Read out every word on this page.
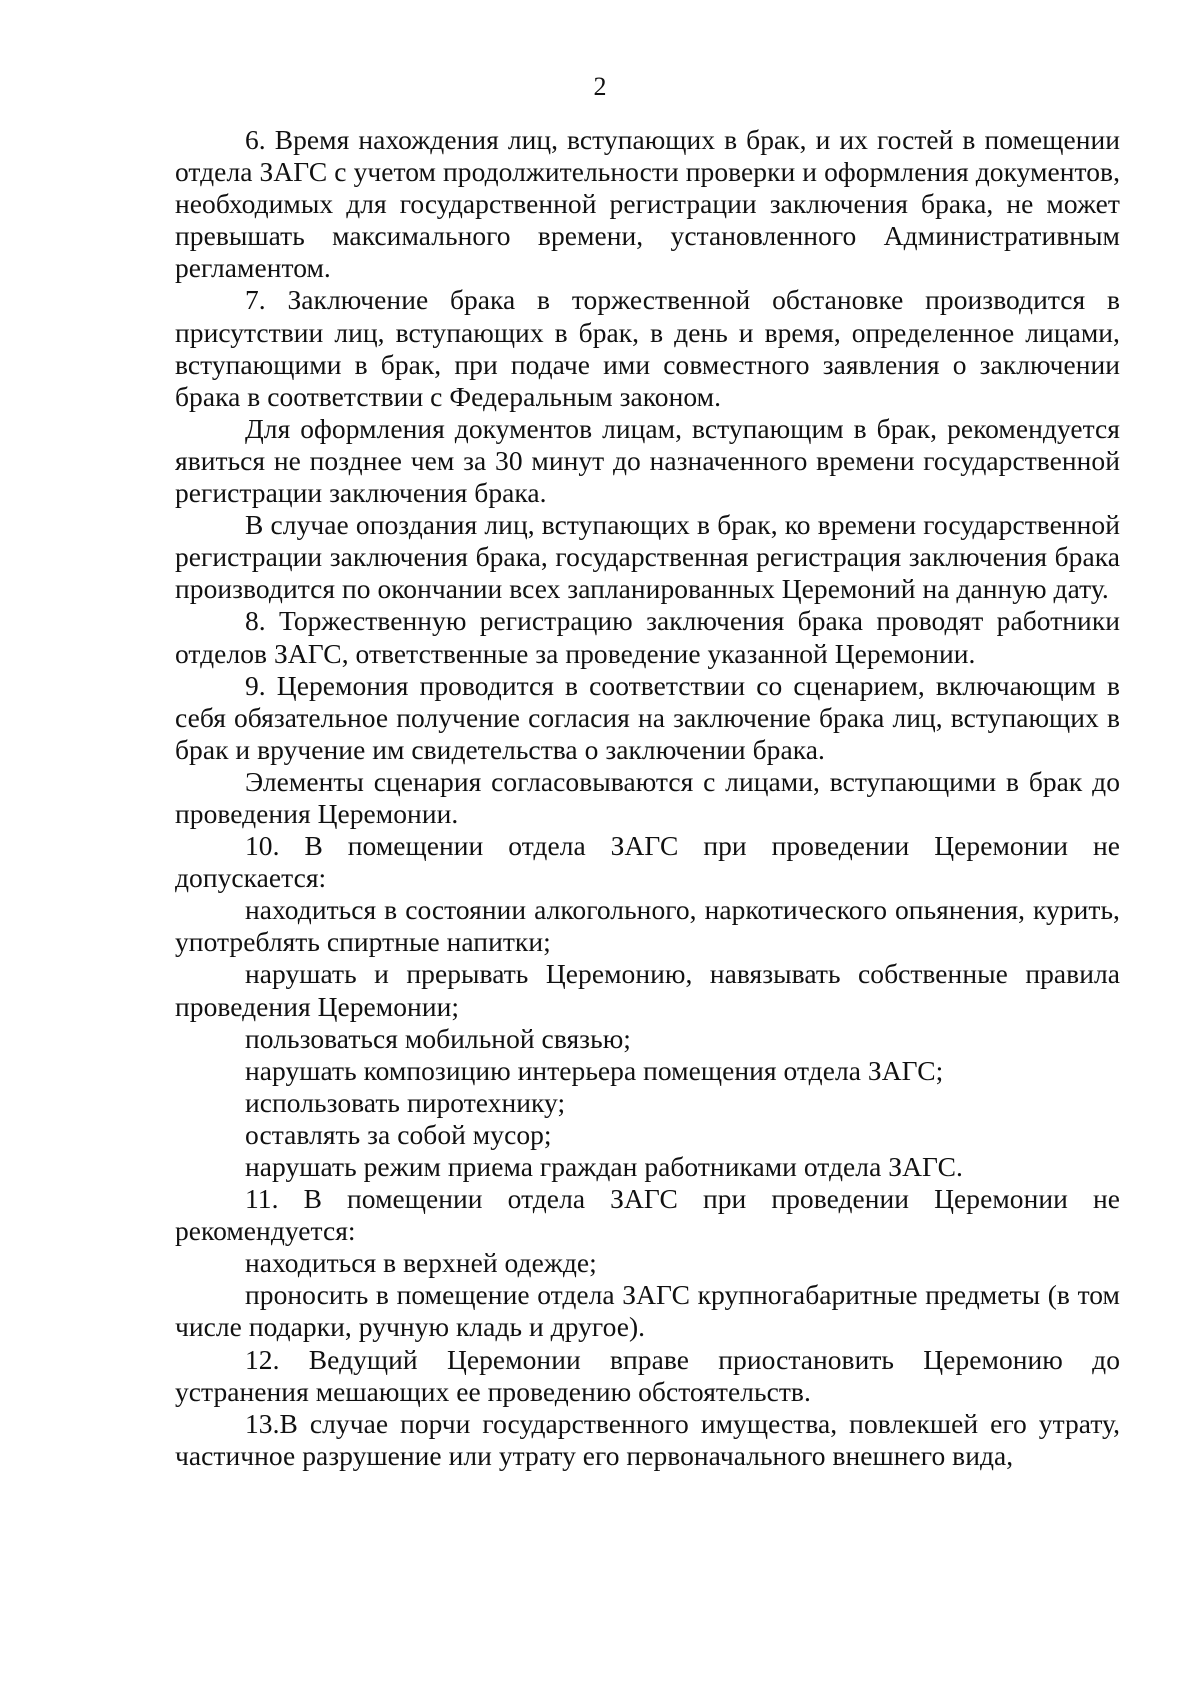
2

6. Время нахождения лиц, вступающих в брак, и их гостей в помещении отдела ЗАГС с учетом продолжительности проверки и оформления документов, необходимых для государственной регистрации заключения брака, не может превышать максимального времени, установленного Административным регламентом.

7. Заключение брака в торжественной обстановке производится в присутствии лиц, вступающих в брак, в день и время, определенное лицами, вступающими в брак, при подаче ими совместного заявления о заключении брака в соответствии с Федеральным законом.

Для оформления документов лицам, вступающим в брак, рекомендуется явиться не позднее чем за 30 минут до назначенного времени государственной регистрации заключения брака.

В случае опоздания лиц, вступающих в брак, ко времени государственной регистрации заключения брака, государственная регистрация заключения брака производится по окончании всех запланированных Церемоний на данную дату.

8. Торжественную регистрацию заключения брака проводят работники отделов ЗАГС, ответственные за проведение указанной Церемонии.

9. Церемония проводится в соответствии со сценарием, включающим в себя обязательное получение согласия на заключение брака лиц, вступающих в брак и вручение им свидетельства о заключении брака.

Элементы сценария согласовываются с лицами, вступающими в брак до проведения Церемонии.

10. В помещении отдела ЗАГС при проведении Церемонии не допускается:

находиться в состоянии алкогольного, наркотического опьянения, курить, употреблять спиртные напитки;

нарушать и прерывать Церемонию, навязывать собственные правила проведения Церемонии;

пользоваться мобильной связью;

нарушать композицию интерьера помещения отдела ЗАГС;

использовать пиротехнику;

оставлять за собой мусор;

нарушать режим приема граждан работниками отдела ЗАГС.

11. В помещении отдела ЗАГС при проведении Церемонии не рекомендуется:

находиться в верхней одежде;

проносить в помещение отдела ЗАГС крупногабаритные предметы (в том числе подарки, ручную кладь и другое).

12. Ведущий Церемонии вправе приостановить Церемонию до устранения мешающих ее проведению обстоятельств.

13.В случае порчи государственного имущества, повлекшей его утрату, частичное разрушение или утрату его первоначального внешнего вида,
